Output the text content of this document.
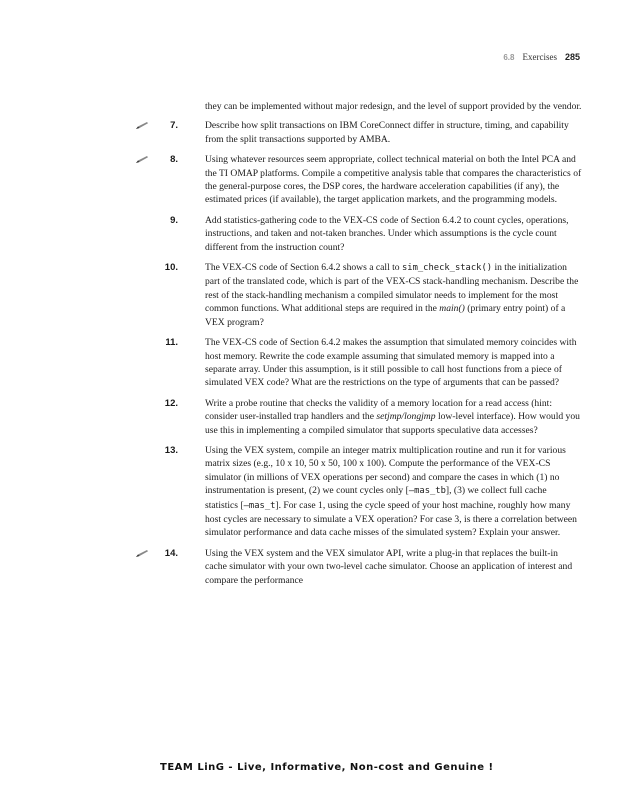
6.8 Exercises 285

they can be implemented without major redesign, and the level of support provided by the vendor.

7.	Describe how split transactions on IBM CoreConnect differ in structure, timing, and capability from the split transactions supported by AMBA.

8.	Using whatever resources seem appropriate, collect technical material on both the Intel PCA and the TI OMAP platforms. Compile a competitive analysis table that compares the characteristics of the general-purpose cores, the DSP cores, the hardware acceleration capabilities (if any), the estimated prices (if available), the target application markets, and the programming models.

9.	Add statistics-gathering code to the VEX-CS code of Section 6.4.2 to count cycles, operations, instructions, and taken and not-taken branches. Under which assumptions is the cycle count different from the instruction count?

10.	The VEX-CS code of Section 6.4.2 shows a call to sim_check_stack() in the initialization part of the translated code, which is part of the VEX-CS stack-handling mechanism. Describe the rest of the stack-handling mechanism a compiled simulator needs to implement for the most common functions. What additional steps are required in the main() (primary entry point) of a VEX program?

11.	The VEX-CS code of Section 6.4.2 makes the assumption that simulated memory coincides with host memory. Rewrite the code example assuming that simulated memory is mapped into a separate array. Under this assumption, is it still possible to call host functions from a piece of simulated VEX code? What are the restrictions on the type of arguments that can be passed?

12.	Write a probe routine that checks the validity of a memory location for a read access (hint: consider user-installed trap handlers and the setjmp/longjmp low-level interface). How would you use this in implementing a compiled simulator that supports speculative data accesses?

13.	Using the VEX system, compile an integer matrix multiplication routine and run it for various matrix sizes (e.g., 10 x 10, 50 x 50, 100 x 100). Compute the performance of the VEX-CS simulator (in millions of VEX operations per second) and compare the cases in which (1) no instrumentation is present, (2) we count cycles only [—mas_tb], (3) we collect full cache statistics [—mas_t]. For case 1, using the cycle speed of your host machine, roughly how many host cycles are necessary to simulate a VEX operation? For case 3, is there a correlation between simulator performance and data cache misses of the simulated system? Explain your answer.

14.	Using the VEX system and the VEX simulator API, write a plug-in that replaces the built-in cache simulator with your own two-level cache simulator. Choose an application of interest and compare the performance

TEAM LinG - Live, Informative, Non-cost and Genuine !
